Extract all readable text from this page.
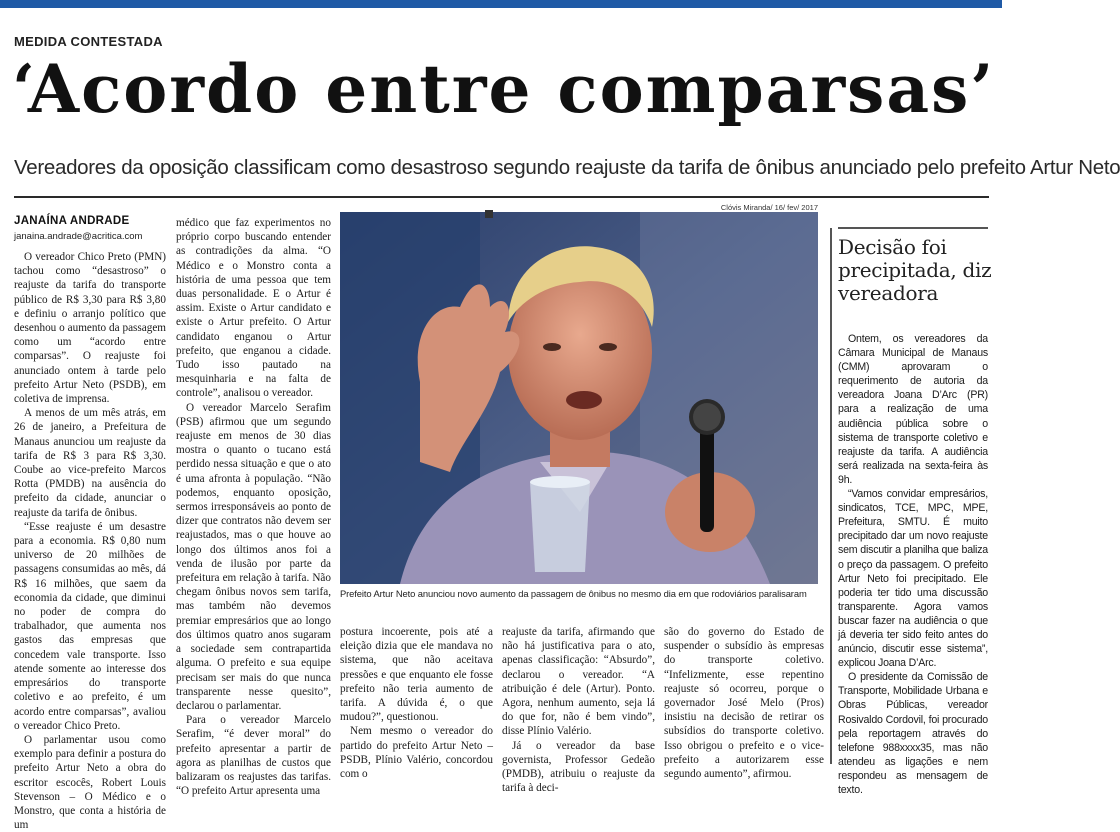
MEDIDA CONTESTADA
‘Acordo entre comparsas’
Vereadores da oposição classificam como desastroso segundo reajuste da tarifa de ônibus anunciado pelo prefeito Artur Neto
JANAÍNA ANDRADE
janaina.andrade@acritica.com

O vereador Chico Preto (PMN) tachou como “desastroso” o reajuste da tarifa do transporte público de R$ 3,30 para R$ 3,80 e definiu o arranjo político que desenhou o aumento da passagem como um “acordo entre comparsas”. O reajuste foi anunciado ontem à tarde pelo prefeito Artur Neto (PSDB), em coletiva de imprensa.

A menos de um mês atrás, em 26 de janeiro, a Prefeitura de Manaus anunciou um reajuste da tarifa de R$ 3 para R$ 3,30. Coube ao vice-prefeito Marcos Rotta (PMDB) na ausência do prefeito da cidade, anunciar o reajuste da tarifa de ônibus.

“Esse reajuste é um desastre para a economia. R$ 0,80 num universo de 20 milhões de passagens consumidas ao mês, dá R$ 16 milhões, que saem da economia da cidade, que diminui no poder de compra do trabalhador, que aumenta nos gastos das empresas que concedem vale transporte. Isso atende somente ao interesse dos empresários do transporte coletivo e ao prefeito, é um acordo entre comparsas”, avaliou o vereador Chico Preto.

O parlamentar usou como exemplo para definir a postura do prefeito Artur Neto a obra do escritor escocês, Robert Louis Stevenson – O Médico e o Monstro, que conta a história de um

médico que faz experimentos no próprio corpo buscando entender as contradições da alma. “O Médico e o Monstro conta a história de uma pessoa que tem duas personalidade. E o Artur é assim. Existe o Artur candidato e existe o Artur prefeito. O Artur candidato enganou o Artur prefeito, que enganou a cidade. Tudo isso pautado na mesquinharia e na falta de controle”, analisou o vereador.

O vereador Marcelo Serafim (PSB) afirmou que um segundo reajuste em menos de 30 dias mostra o quanto o tucano está perdido nessa situação e que o ato é uma afronta à população. “Não podemos, enquanto oposição, sermos irresponsáveis ao ponto de dizer que contratos não devem ser reajustados, mas o que houve ao longo dos últimos anos foi a venda de ilusão por parte da prefeitura em relação à tarifa. Não chegam ônibus novos sem tarifa, mas também não devemos premiar empresários que ao longo dos últimos quatro anos sugaram a sociedade sem contrapartida alguma. O prefeito e sua equipe precisam ser mais do que nunca transparente nesse quesito”, declarou o parlamentar.

Para o vereador Marcelo Serafim, “é dever moral” do prefeito apresentar a partir de agora as planilhas de custos que balizaram os reajustes das tarifas. “O prefeito Artur apresenta uma

Clóvis Miranda/ 16/ fev/ 2017
Prefeito Artur Neto anunciou novo aumento da passagem de ônibus no mesmo dia em que rodoviários paralisaram

postura incoerente, pois até a eleição dizia que ele mandava no sistema, que não aceitava pressões e que enquanto ele fosse prefeito não teria aumento de tarifa. A dúvida é, o que mudou?”, questionou.

Nem mesmo o vereador do partido do prefeito Artur Neto – PSDB, Plínio Valério, concordou com o

reajuste da tarifa, afirmando que não há justificativa para o ato, apenas classificação: “Absurdo”, declarou o vereador. “A atribuição é dele (Artur). Ponto. Agora, nenhum aumento, seja lá do que for, não é bem vindo”, disse Plínio Valério.

Já o vereador da base governista, Professor Gedeão (PMDB), atribuiu o reajuste da tarifa à deci-

são do governo do Estado de suspender o subsídio às empresas do transporte coletivo. “Infelizmente, esse repentino reajuste só ocorreu, porque o governador José Melo (Pros) insistiu na decisão de retirar os subsídios do transporte coletivo. Isso obrigou o prefeito e o vice-prefeito a autorizarem esse segundo aumento”, afirmou.

Decisão foi precipitada, diz vereadora

Ontem, os vereadores da Câmara Municipal de Manaus (CMM) aprovaram o requerimento de autoria da vereadora Joana D’Arc (PR) para a realização de uma audiência pública sobre o sistema de transporte coletivo e reajuste da tarifa. A audiência será realizada na sexta-feira às 9h.

“Vamos convidar empresários, sindicatos, TCE, MPC, MPE, Prefeitura, SMTU. É muito precipitado dar um novo reajuste sem discutir a planilha que baliza o preço da passagem. O prefeito Artur Neto foi precipitado. Ele poderia ter tido uma discussão transparente. Agora vamos buscar fazer na audiência o que já deveria ter sido feito antes do anúncio, discutir esse sistema”, explicou Joana D’Arc.

O presidente da Comissão de Transporte, Mobilidade Urbana e Obras Públicas, vereador Rosivaldo Cordovil, foi procurado pela reportagem através do telefone 988xxxx35, mas não atendeu as ligações e nem respondeu as mensagem de texto.
